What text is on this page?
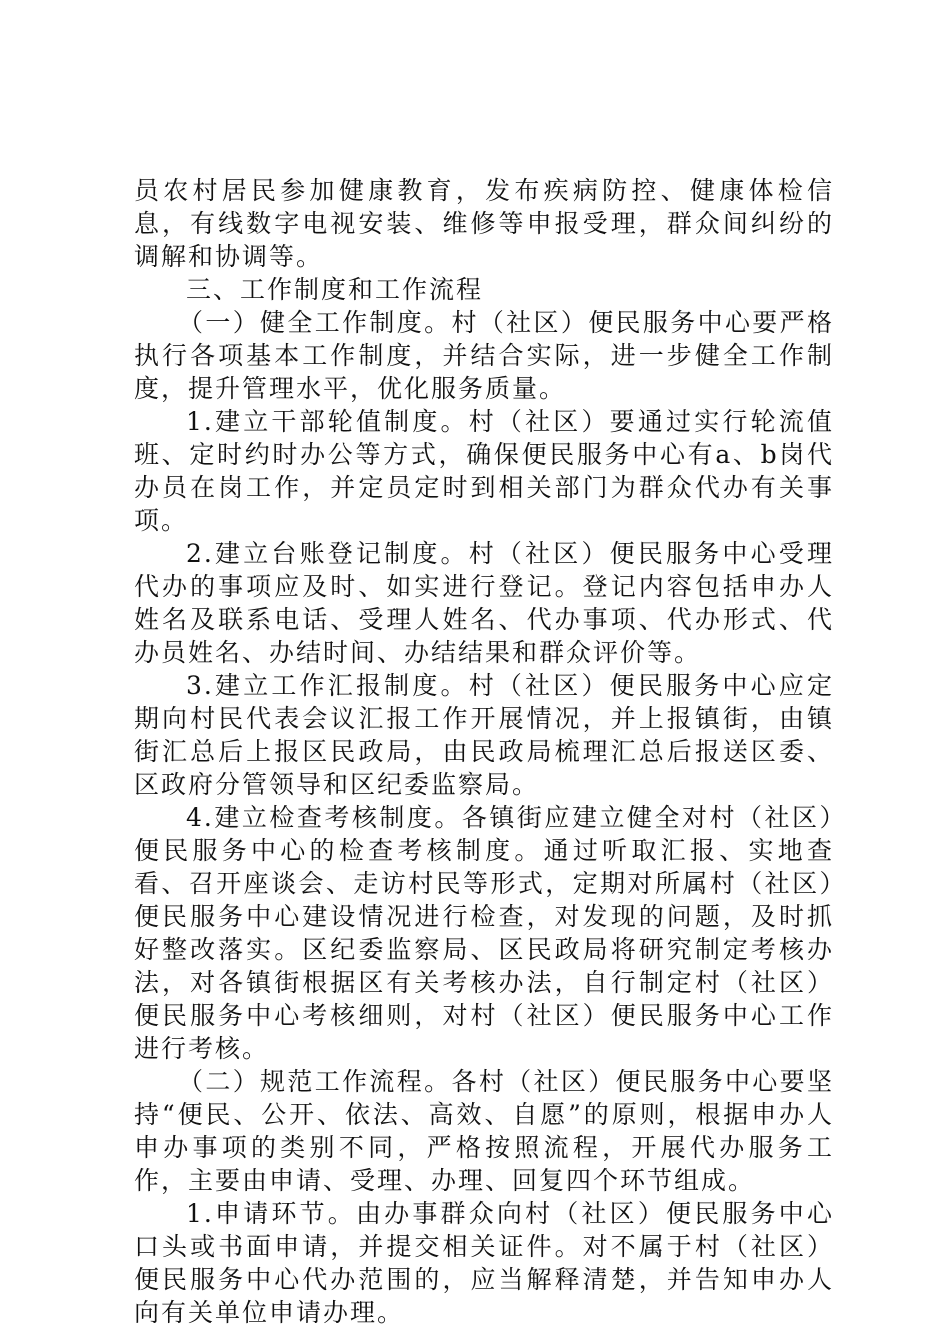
员农村居民参加健康教育，发布疾病防控、健康体检信息，有线数字电视安装、维修等申报受理，群众间纠纷的调解和协调等。

三、工作制度和工作流程

（一）健全工作制度。村（社区）便民服务中心要严格执行各项基本工作制度，并结合实际，进一步健全工作制度，提升管理水平，优化服务质量。

1.建立干部轮值制度。村（社区）要通过实行轮流值班、定时约时办公等方式，确保便民服务中心有a、b岗代办员在岗工作，并定员定时到相关部门为群众代办有关事项。

2.建立台账登记制度。村（社区）便民服务中心受理代办的事项应及时、如实进行登记。登记内容包括申办人姓名及联系电话、受理人姓名、代办事项、代办形式、代办员姓名、办结时间、办结结果和群众评价等。

3.建立工作汇报制度。村（社区）便民服务中心应定期向村民代表会议汇报工作开展情况，并上报镇街，由镇街汇总后上报区民政局，由民政局梳理汇总后报送区委、区政府分管领导和区纪委监察局。

4.建立检查考核制度。各镇街应建立健全对村（社区）便民服务中心的检查考核制度。通过听取汇报、实地查看、召开座谈会、走访村民等形式，定期对所属村（社区）便民服务中心建设情况进行检查，对发现的问题，及时抓好整改落实。区纪委监察局、区民政局将研究制定考核办法，对各镇街根据区有关考核办法，自行制定村（社区）便民服务中心考核细则，对村（社区）便民服务中心工作进行考核。

（二）规范工作流程。各村（社区）便民服务中心要坚持“便民、公开、依法、高效、自愿”的原则，根据申办人申办事项的类别不同，严格按照流程，开展代办服务工作，主要由申请、受理、办理、回复四个环节组成。

1.申请环节。由办事群众向村（社区）便民服务中心口头或书面申请，并提交相关证件。对不属于村（社区）便民服务中心代办范围的，应当解释清楚，并告知申办人向有关单位申请办理。
